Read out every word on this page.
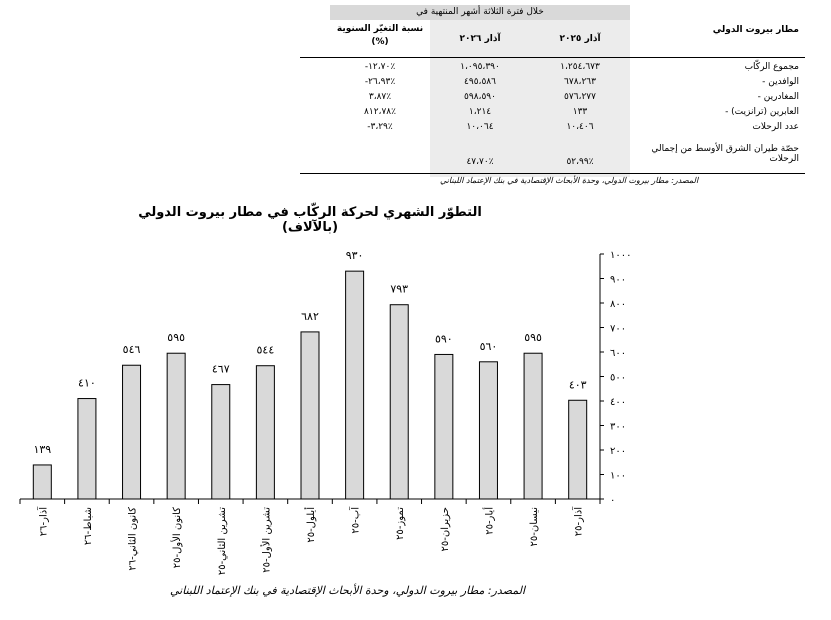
خلال فترة الثلاثة أشهر المنتهية في
مطار بيروت الدولي
آذار ٢٠٢٥
آذار ٢٠٢٦
نسبة التغيّر السنوية (%)
مجموع الركّاب
١،٢٥٤،٦٧٣
١،٠٩٥،٣٩٠
-١٢،٧٠٪
- الوافدين
٦٧٨،٢٦٣
٤٩٥،٥٨٦
-٢٦،٩٣٪
- المغادرين
٥٧٦،٢٧٧
٥٩٨،٥٩٠
٣،٨٧٪
- العابرين (ترانزيت)
١٣٣
١،٢١٤
٨١٢،٧٨٪
عدد الرحلات
١٠،٤٠٦
١٠،٠٦٤
-٣،٢٩٪
حصّة طيران الشرق الأوسط من إجمالي الرحلات
٥٢،٩٩٪
٤٧،٧٠٪
المصدر: مطار بيروت الدولي، وحدة الأبحاث الإقتصادية في بنك الإعتماد اللبناني
التطوّر الشهري لحركة الركّاب في مطار بيروت الدولي (بالآلاف)
٠
١٠٠
٢٠٠
٣٠٠
٤٠٠
٥٠٠
٦٠٠
٧٠٠
٨٠٠
٩٠٠
١٠٠٠
١٣٩
آذار-٢٦
٤١٠
شباط-٢٦
٥٤٦
كانون الثاني-٢٦
٥٩٥
كانون الأول-٢٥
٤٦٧
تشرين الثاني-٢٥
٥٤٤
تشرين الأول-٢٥
٦٨٢
أيلول-٢٥
٩٣٠
آب-٢٥
٧٩٣
تموز-٢٥
٥٩٠
حزيران-٢٥
٥٦٠
أيار-٢٥
٥٩٥
نيسان-٢٥
٤٠٣
آذار-٢٥
المصدر: مطار بيروت الدولي، وحدة الأبحاث الإقتصادية في بنك الإعتماد اللبناني
